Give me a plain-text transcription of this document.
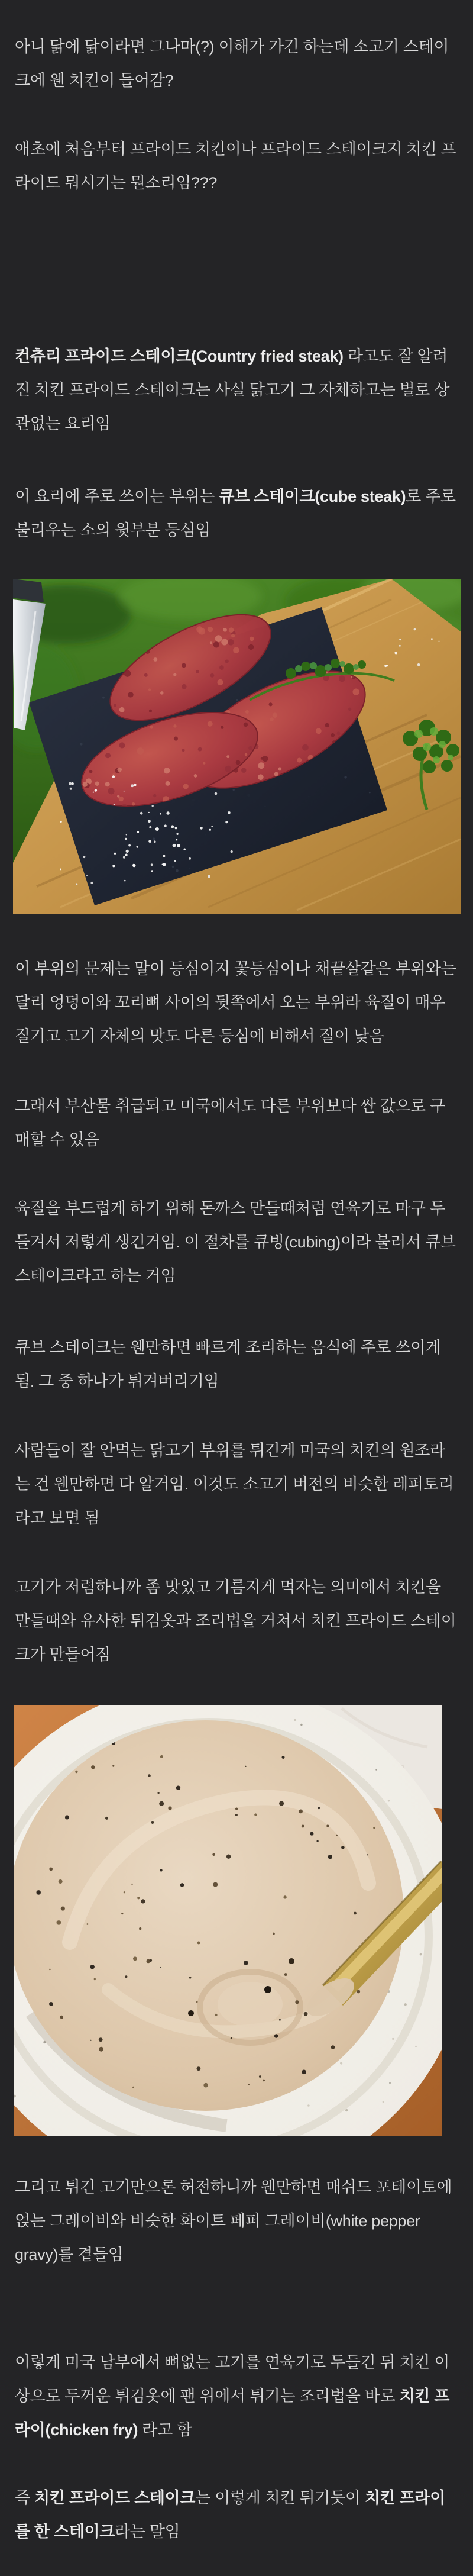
아니 닭에 닭이라면 그나마(?) 이해가 가긴 하는데 소고기 스테이크에 웬 치킨이 들어감?

애초에 처음부터 프라이드 치킨이나 프라이드 스테이크지 치킨 프라이드 뭐시기는 뭔소리임???

컨츄리 프라이드 스테이크(Country fried steak) 라고도 잘 알려진 치킨 프라이드 스테이크는 사실 닭고기 그 자체하고는 별로 상관없는 요리임

이 요리에 주로 쓰이는 부위는 큐브 스테이크(cube steak)로 주로 불리우는 소의 윗부분 등심임

이 부위의 문제는 말이 등심이지 꽃등심이나 채끝살같은 부위와는 달리 엉덩이와 꼬리뼈 사이의 뒷쪽에서 오는 부위라 육질이 매우 질기고 고기 자체의 맛도 다른 등심에 비해서 질이 낮음

그래서 부산물 취급되고 미국에서도 다른 부위보다 싼 값으로 구매할 수 있음

육질을 부드럽게 하기 위해 돈까스 만들때처럼 연육기로 마구 두들겨서 저렇게 생긴거임. 이 절차를 큐빙(cubing)이라 불러서 큐브 스테이크라고 하는 거임

큐브 스테이크는 웬만하면 빠르게 조리하는 음식에 주로 쓰이게 됨. 그 중 하나가 튀겨버리기임

사람들이 잘 안먹는 닭고기 부위를 튀긴게 미국의 치킨의 원조라는 건 웬만하면 다 알거임. 이것도 소고기 버전의 비슷한 레퍼토리라고 보면 됨

고기가 저렴하니까 좀 맛있고 기름지게 먹자는 의미에서 치킨을 만들때와 유사한 튀김옷과 조리법을 거쳐서 치킨 프라이드 스테이크가 만들어짐

그리고 튀긴 고기만으론 허전하니까 웬만하면 매쉬드 포테이토에 얹는 그레이비와 비슷한 화이트 페퍼 그레이비(white pepper gravy)를 곁들임

이렇게 미국 남부에서 뼈없는 고기를 연육기로 두들긴 뒤 치킨 이상으로 두꺼운 튀김옷에 팬 위에서 튀기는 조리법을 바로 치킨 프라이(chicken fry) 라고 함

즉 치킨 프라이드 스테이크는 이렇게 치킨 튀기듯이 치킨 프라이를 한 스테이크라는 말임
